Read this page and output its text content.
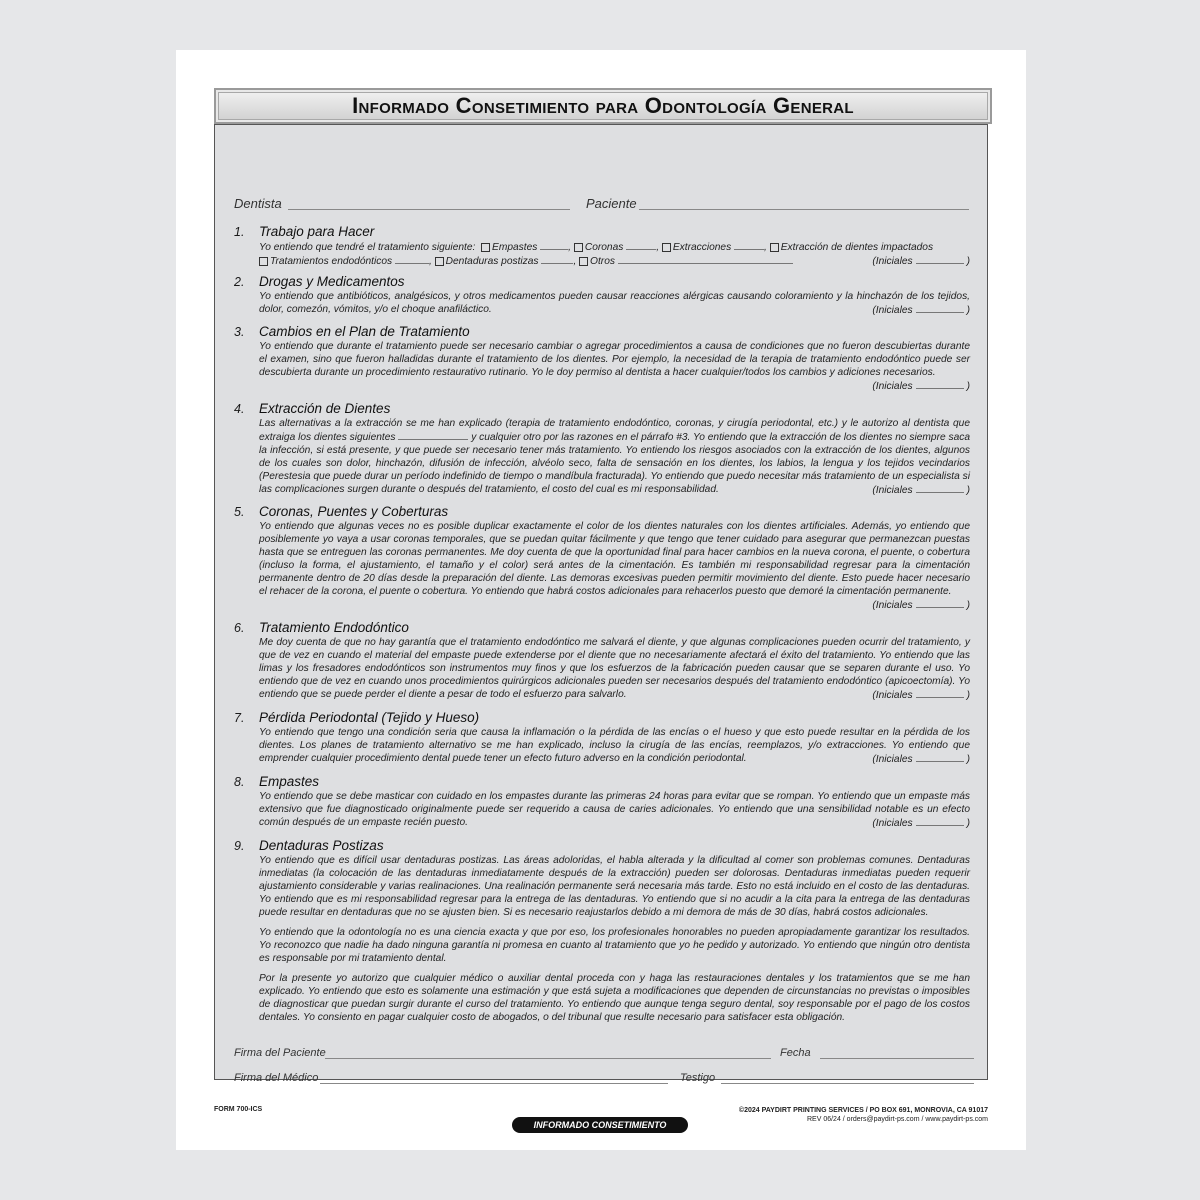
Informado Consetimiento para Odontología General
Dentista	Paciente
1. Trabajo para Hacer
Yo entiendo que tendré el tratamiento siguiente: Empastes	, Coronas	, Extracciones	, Extracción de dientes impactados
Tratamientos endodónticos	, Dentaduras postizas	, Otros	(Iniciales	)
2. Drogas y Medicamentos
Yo entiendo que antibióticos, analgésicos, y otros medicamentos pueden causar reacciones alérgicas causando coloramiento y la hinchazón de los tejidos, dolor, comezón, vómitos, y/o el choque anafiláctico.	(Iniciales	)
3. Cambios en el Plan de Tratamiento
Yo entiendo que durante el tratamiento puede ser necesario cambiar o agregar procedimientos a causa de condiciones que no fueron descubiertas durante el examen, sino que fueron halladidas durante el tratamiento de los dientes. Por ejemplo, la necesidad de la terapia de tratamiento endodóntico puede ser descubierta durante un procedimiento restaurativo rutinario. Yo le doy permiso al dentista a hacer cualquier/todos los cambios y adiciones necesarios.
(Iniciales	)
4. Extracción de Dientes
Las alternativas a la extracción se me han explicado (terapia de tratamiento endodóntico, coronas, y cirugía periodontal, etc.) y le autorizo al dentista que extraiga los dientes siguientes	y cualquier otro por las razones en el párrafo #3. Yo entiendo que la extracción de los dientes no siempre saca la infección, si está presente, y que puede ser necesario tener más tratamiento. Yo entiendo los riesgos asociados con la extracción de los dientes, algunos de los cuales son dolor, hinchazón, difusión de infección, alvéolo seco, falta de sensación en los dientes, los labios, la lengua y los tejidos vecindarios (Perestesia que puede durar un período indefinido de tiempo o mandíbula fracturada). Yo entiendo que puedo necesitar más tratamiento de un especialista si las complicaciones surgen durante o después del tratamiento, el costo del cual es mi responsabilidad.	(Iniciales	)
5. Coronas, Puentes y Coberturas
Yo entiendo que algunas veces no es posible duplicar exactamente el color de los dientes naturales con los dientes artificiales. Además, yo entiendo que posiblemente yo vaya a usar coronas temporales, que se puedan quitar fácilmente y que tengo que tener cuidado para asegurar que permanezcan puestas hasta que se entreguen las coronas permanentes. Me doy cuenta de que la oportunidad final para hacer cambios en la nueva corona, el puente, o cobertura (incluso la forma, el ajustamiento, el tamaño y el color) será antes de la cimentación. Es también mi responsabilidad regresar para la cimentación permanente dentro de 20 días desde la preparación del diente. Las demoras excesivas pueden permitir movimiento del diente. Esto puede hacer necesario el rehacer de la corona, el puente o cobertura. Yo entiendo que habrá costos adicionales para rehacerlos puesto que demoré la cimentación permanente.
(Iniciales	)
6. Tratamiento Endodóntico
Me doy cuenta de que no hay garantía que el tratamiento endodóntico me salvará el diente, y que algunas complicaciones pueden ocurrir del tratamiento, y que de vez en cuando el material del empaste puede extenderse por el diente que no necesariamente afectará el éxito del tratamiento. Yo entiendo que las limas y los fresadores endodónticos son instrumentos muy finos y que los esfuerzos de la fabricación pueden causar que se separen durante el uso. Yo entiendo que de vez en cuando unos procedimientos quirúrgicos adicionales pueden ser necesarios después del tratamiento endodóntico (apicoectomía). Yo entiendo que se puede perder el diente a pesar de todo el esfuerzo para salvarlo.	(Iniciales	)
7. Pérdida Periodontal (Tejido y Hueso)
Yo entiendo que tengo una condición seria que causa la inflamación o la pérdida de las encías o el hueso y que esto puede resultar en la pérdida de los dientes. Los planes de tratamiento alternativo se me han explicado, incluso la cirugía de las encías, reemplazos, y/o extracciones. Yo entiendo que emprender cualquier procedimiento dental puede tener un efecto futuro adverso en la condición periodontal.	(Iniciales	)
8. Empastes
Yo entiendo que se debe masticar con cuidado en los empastes durante las primeras 24 horas para evitar que se rompan. Yo entiendo que un empaste más extensivo que fue diagnosticado originalmente puede ser requerido a causa de caries adicionales. Yo entiendo que una sensibilidad notable es un efecto común después de un empaste recién puesto.	(Iniciales	)
9. Dentaduras Postizas
Yo entiendo que es difícil usar dentaduras postizas. Las áreas adoloridas, el habla alterada y la dificultad al comer son problemas comunes. Dentaduras inmediatas (la colocación de las dentaduras inmediatamente después de la extracción) pueden ser dolorosas. Dentaduras inmediatas pueden requerir ajustamiento considerable y varias realinaciones. Una realinación permanente será necesaria más tarde. Esto no está incluido en el costo de las dentaduras. Yo entiendo que es mi responsabilidad regresar para la entrega de las dentaduras. Yo entiendo que si no acudir a la cita para la entrega de las dentaduras puede resultar en dentaduras que no se ajusten bien. Si es necesario reajustarlos debido a mi demora de más de 30 días, habrá costos adicionales.
Yo entiendo que la odontología no es una ciencia exacta y que por eso, los profesionales honorables no pueden apropiadamente garantizar los resultados. Yo reconozco que nadie ha dado ninguna garantía ni promesa en cuanto al tratamiento que yo he pedido y autorizado. Yo entiendo que ningún otro dentista es responsable por mi tratamiento dental.
Por la presente yo autorizo que cualquier médico o auxiliar dental proceda con y haga las restauraciones dentales y los tratamientos que se me han explicado. Yo entiendo que esto es solamente una estimación y que está sujeta a modificaciones que dependen de circunstancias no previstas o imposibles de diagnosticar que puedan surgir durante el curso del tratamiento. Yo entiendo que aunque tenga seguro dental, soy responsable por el pago de los costos dentales. Yo consiento en pagar cualquier costo de abogados, o del tribunal que resulte necesario para satisfacer esta obligación.
Firma del Paciente	Fecha
Firma del Médico	Testigo
FORM 700-ICS
INFORMADO CONSETIMIENTO
©2024 PAYDIRT PRINTING SERVICES / PO BOX 691, MONROVIA, CA 91017
REV 06/24 / orders@paydirt-ps.com / www.paydirt-ps.com
